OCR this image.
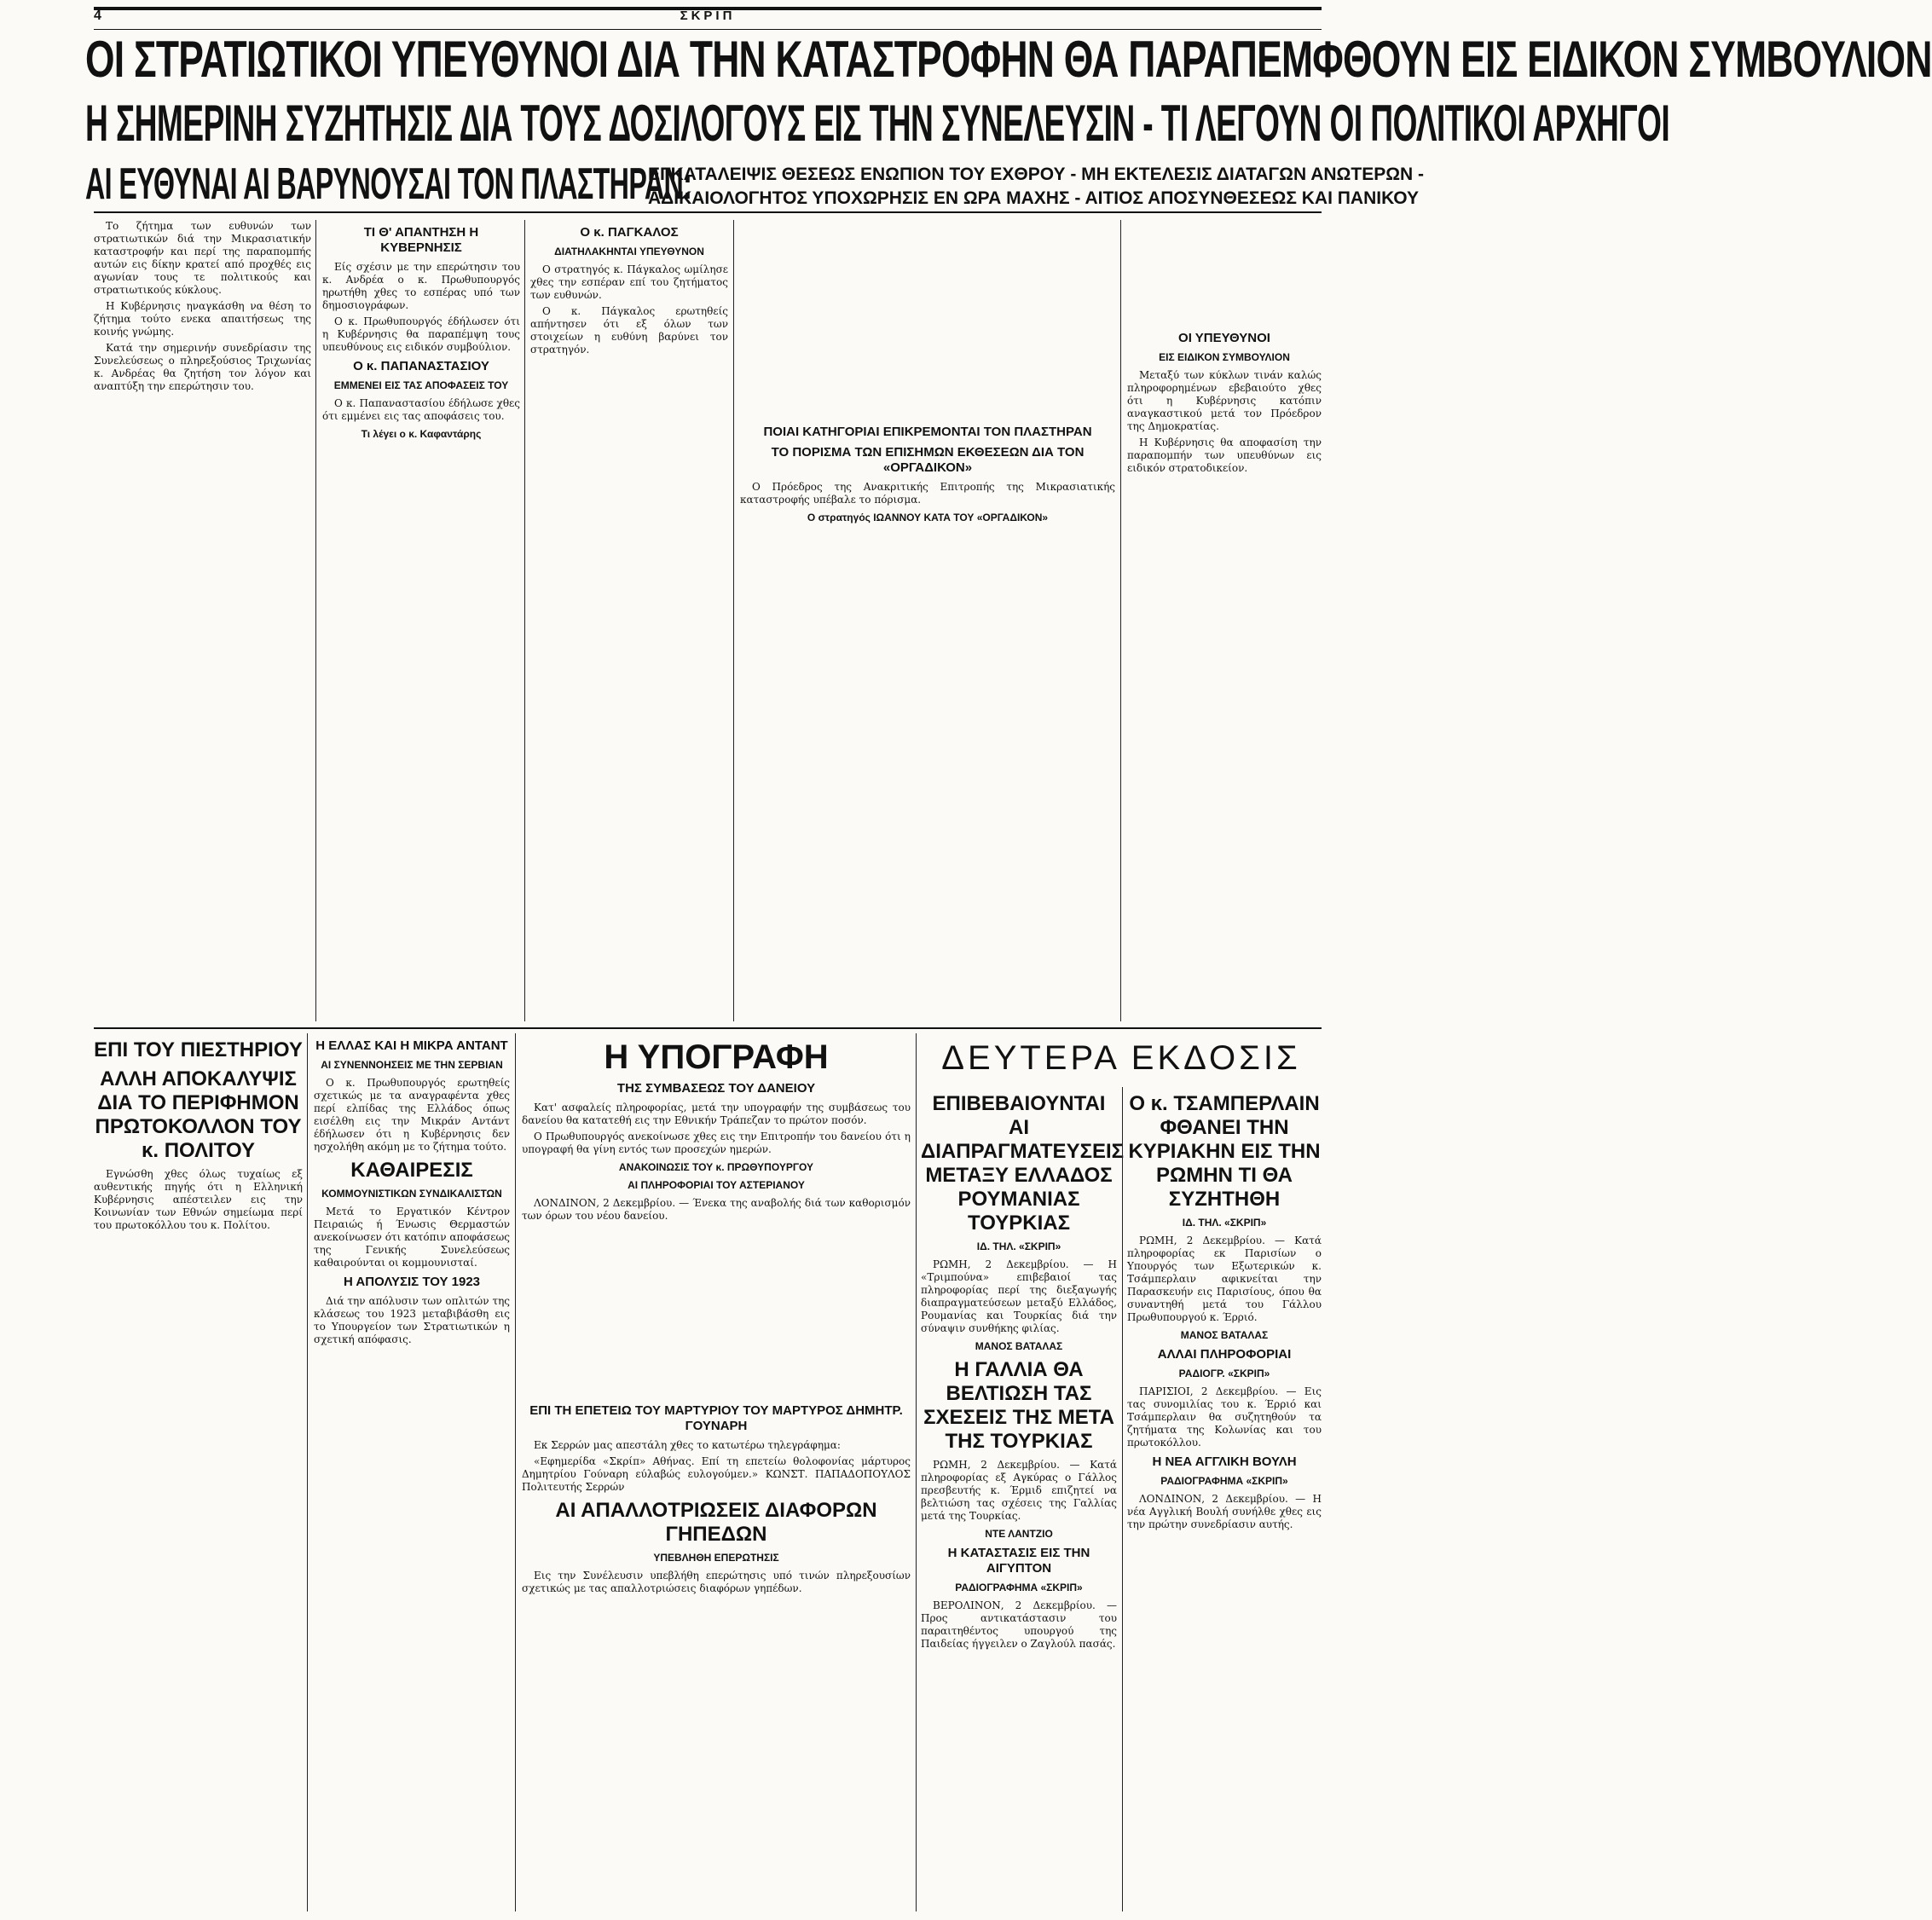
4	ΣΚΡΙΠ
ΟΙ ΣΤΡΑΤΙΩΤΙΚΟΙ ΥΠΕΥΘΥΝΟΙ ΔΙΑ ΤΗΝ ΚΑΤΑΣΤΡΟΦΗΝ ΘΑ ΠΑΡΑΠΕΜΦΘΟΥΝ ΕΙΣ ΕΙΔΙΚΟΝ ΣΥΜΒΟΥΛΙΟΝ
Η ΣΗΜΕΡΙΝΗ ΣΥΖΗΤΗΣΙΣ ΔΙΑ ΤΟΥΣ ΔΟΣΙΛΟΓΟΥΣ ΕΙΣ ΤΗΝ ΣΥΝΕΛΕΥΣΙΝ - ΤΙ ΛΕΓΟΥΝ ΟΙ ΠΟΛΙΤΙΚΟΙ ΑΡΧΗΓΟΙ
ΑΙ ΕΥΘΥΝΑΙ ΑΙ ΒΑΡΥΝΟΥΣΑΙ ΤΟΝ ΠΛΑΣΤΗΡΑΝ:
ΕΓΚΑΤΑΛΕΙΨΙΣ ΘΕΣΕΩΣ ΕΝΩΠΙΟΝ ΤΟΥ ΕΧΘΡΟΥ - ΜΗ ΕΚΤΕΛΕΣΙΣ ΔΙΑΤΑΓΩΝ ΑΝΩΤΕΡΩΝ -
ΑΔΙΚΑΙΟΛΟΓΗΤΟΣ ΥΠΟΧΩΡΗΣΙΣ ΕΝ ΩΡΑ ΜΑΧΗΣ - ΑΙΤΙΟΣ ΑΠΟΣΥΝΘΕΣΕΩΣ ΚΑΙ ΠΑΝΙΚΟΥ

Το ζήτημα των ευθυνών των στρατιωτικών διά την Μικρασιατικήν καταστροφήν και περί της παραπομπής αυτών εις δίκην κρατεί από προχθές εις αγωνίαν τους τε πολιτικούς και στρατιωτικούς κύκλους.

Η Κυβέρνησις ηναγκάσθη να θέση το ζήτημα τούτο ενεκα απαιτήσεως της κοινής γνώμης.

Κατά την σημερινήν συνεδρίασιν της Συνελεύσεως ο πληρεξούσιος Τριχωνίας κ. Ανδρέας θα ζητήση τον λόγον και αναπτύξη την επερώτησιν του.

ΤΙ Θ' ΑΠΑΝΤΗΣΗ Η ΚΥΒΕΡΝΗΣΙΣ

Είς σχέσιν με την επερώτησιν του κ. Ανδρέα ο κ. Πρωθυπουργός ηρωτήθη χθες το εσπέρας υπό των δημοσιογράφων.

Ο κ. Πρωθυπουργός έδήλωσεν ότι η Κυβέρνησις θα παραπέμψη τους υπευθύνους εις ειδικόν συμβούλιον.

Ο κ. ΠΑΠΑΝΑΣΤΑΣΙΟΥ
ΕΜΜΕΝΕΙ ΕΙΣ ΤΑΣ ΑΠΟΦΑΣΕΙΣ ΤΟΥ

Ο κ. Παπαναστασίου έδήλωσε χθες ότι εμμένει εις τας αποφάσεις του.

Τι λέγει ο κ. Καφαντάρης
Ο κ. ΠΑΓΚΑΛΟΣ
ΔΙΑΤΗΛΑΚΗΝΤΑΙ ΥΠΕΥΘΥΝΟΝ

Ο στρατηγός κ. Πάγκαλος ωμίλησε χθες την εσπέραν επί του ζητήματος των ευθυνών.

Ο κ. Πάγκαλος ερωτηθείς απήντησεν ότι εξ όλων των στοιχείων η ευθύνη βαρύνει τον στρατηγόν.

ΠΟΙΑΙ ΚΑΤΗΓΟΡΙΑΙ ΕΠΙΚΡΕΜΟΝΤΑΙ ΤΟΝ ΠΛΑΣΤΗΡΑΝ
ΤΟ ΠΟΡΙΣΜΑ ΤΩΝ ΕΠΙΣΗΜΩΝ ΕΚΘΕΣΕΩΝ ΔΙΑ ΤΟΝ «ΟΡΓΑΔΙΚΟΝ»

Ο Πρόεδρος της Ανακριτικής Επιτροπής της Μικρασιατικής καταστροφής υπέβαλε το πόρισμα.

Ο στρατηγός ΙΩΑΝΝΟΥ ΚΑΤΑ ΤΟΥ «ΟΡΓΑΔΙΚΟΝ»
ΟΙ ΥΠΕΥΘΥΝΟΙ
ΕΙΣ ΕΙΔΙΚΟΝ ΣΥΜΒΟΥΛΙΟΝ

Μεταξύ των κύκλων τινάν καλώς πληροφορημένων εβεβαιούτο χθες ότι η Κυβέρνησις κατόπιν αναγκαστικού μετά τον Πρόεδρον της Δημοκρατίας.

Η Κυβέρνησις θα αποφασίση την παραπομπήν των υπευθύνων εις ειδικόν στρατοδικείον.

ΕΠΙ ΤΟΥ ΠΙΕΣΤΗΡΙΟΥ
ΑΛΛΗ ΑΠΟΚΑΛΥΨΙΣ ΔΙΑ ΤΟ ΠΕΡΙΦΗΜΟΝ ΠΡΩΤΟΚΟΛΛΟΝ ΤΟΥ κ. ΠΟΛΙΤΟΥ

Εγνώσθη χθες όλως τυχαίως εξ αυθεντικής πηγής ότι η Ελληνική Κυβέρνησις απέστειλεν εις την Κοινωνίαν των Εθνών σημείωμα περί του πρωτοκόλλου του κ. Πολίτου.

Η ΕΛΛΑΣ ΚΑΙ Η ΜΙΚΡΑ ΑΝΤΑΝΤ
ΑΙ ΣΥΝΕΝΝΟΗΣΕΙΣ ΜΕ ΤΗΝ ΣΕΡΒΙΑΝ

Ο κ. Πρωθυπουργός ερωτηθείς σχετικώς με τα αναγραφέντα χθες περί ελπίδας της Ελλάδος όπως εισέλθη εις την Μικράν Αντάντ έδήλωσεν ότι η Κυβέρνησις δεν ησχολήθη ακόμη με το ζήτημα τούτο.

ΚΑΘΑΙΡΕΣΙΣ
ΚΟΜΜΟΥΝΙΣΤΙΚΩΝ ΣΥΝΔΙΚΑΛΙΣΤΩΝ

Μετά το Εργατικόν Κέντρον Πειραιώς ή Ένωσις Θερμαστών ανεκοίνωσεν ότι κατόπιν αποφάσεως της Γενικής Συνελεύσεως καθαιρούνται οι κομμουνισταί.

Η ΑΠΟΛΥΣΙΣ ΤΟΥ 1923

Διά την απόλυσιν των οπλιτών της κλάσεως του 1923 μεταβιβάσθη εις το Υπουργείον των Στρατιωτικών η σχετική απόφασις.

Η ΥΠΟΓΡΑΦΗ
ΤΗΣ ΣΥΜΒΑΣΕΩΣ ΤΟΥ ΔΑΝΕΙΟΥ

Κατ' ασφαλείς πληροφορίας, μετά την υπογραφήν της συμβάσεως του δανείου θα κατατεθή εις την Εθνικήν Τράπεζαν το πρώτον ποσόν.

Ο Πρωθυπουργός ανεκοίνωσε χθες εις την Επιτροπήν του δανείου ότι η υπογραφή θα γίνη εντός των προσεχών ημερών.

ΑΝΑΚΟΙΝΩΣΙΣ ΤΟΥ κ. ΠΡΩΘΥΠΟΥΡΓΟΥ
ΑΙ ΠΛΗΡΟΦΟΡΙΑΙ ΤΟΥ ΑΣΤΕΡΙΑΝΟΥ

ΛΟΝΔΙΝΟΝ, 2 Δεκεμβρίου. — Ένεκα της αναβολής διά των καθορισμόν των όρων του νέου δανείου.

ΔΕΥΤΕΡΑ ΕΚΔΟΣΙΣ
ΕΠΙΒΕΒΑΙΟΥΝΤΑΙ ΑΙ ΔΙΑΠΡΑΓΜΑΤΕΥΣΕΙΣ ΜΕΤΑΞΥ ΕΛΛΑΔΟΣ ΡΟΥΜΑΝΙΑΣ ΤΟΥΡΚΙΑΣ
ΙΔ. ΤΗΛ. «ΣΚΡΙΠ»

ΡΩΜΗ, 2 Δεκεμβρίου. — Η «Τριμπούνα» επιβεβαιοί τας πληροφορίας περί της διεξαγωγής διαπραγματεύσεων μεταξύ Ελλάδος, Ρουμανίας και Τουρκίας διά την σύναψιν συνθήκης φιλίας.

ΜΑΝΟΣ ΒΑΤΑΛΑΣ
Η ΓΑΛΛΙΑ ΘΑ ΒΕΛΤΙΩΣΗ ΤΑΣ ΣΧΕΣΕΙΣ ΤΗΣ ΜΕΤΑ ΤΗΣ ΤΟΥΡΚΙΑΣ

ΡΩΜΗ, 2 Δεκεμβρίου. — Κατά πληροφορίας εξ Αγκύρας ο Γάλλος πρεσβευτής κ. Έρμιδ επιζητεί να βελτιώση τας σχέσεις της Γαλλίας μετά της Τουρκίας.

ΝΤΕ ΛΑΝΤΖΙΟ
Η ΚΑΤΑΣΤΑΣΙΣ ΕΙΣ ΤΗΝ ΑΙΓΥΠΤΟΝ
ΡΑΔΙΟΓΡΑΦΗΜΑ «ΣΚΡΙΠ»

ΒΕΡΟΛΙΝΟΝ, 2 Δεκεμβρίου. — Προς αντικατάστασιν του παραιτηθέντος υπουργού της Παιδείας ήγγειλεν ο Ζαγλούλ πασάς.

Ο κ. ΤΣΑΜΠΕΡΛΑΙΝ ΦΘΑΝΕΙ ΤΗΝ ΚΥΡΙΑΚΗΝ ΕΙΣ ΤΗΝ ΡΩΜΗΝ ΤΙ ΘΑ ΣΥΖΗΤΗΘΗ
ΙΔ. ΤΗΛ. «ΣΚΡΙΠ»

ΡΩΜΗ, 2 Δεκεμβρίου. — Κατά πληροφορίας εκ Παρισίων ο Υπουργός των Εξωτερικών κ. Τσάμπερλαιν αφικνείται την Παρασκευήν εις Παρισίους, όπου θα συναντηθή μετά του Γάλλου Πρωθυπουργού κ. Έρριό.

ΜΑΝΟΣ ΒΑΤΑΛΑΣ
ΑΛΛΑΙ ΠΛΗΡΟΦΟΡΙΑΙ
ΡΑΔΙΟΓΡ. «ΣΚΡΙΠ»

ΠΑΡΙΣΙΟΙ, 2 Δεκεμβρίου. — Εις τας συνομιλίας του κ. Έρριό και Τσάμπερλαιν θα συζητηθούν τα ζητήματα της Κολωνίας και του πρωτοκόλλου.

Η ΝΕΑ ΑΓΓΛΙΚΗ ΒΟΥΛΗ
ΡΑΔΙΟΓΡΑΦΗΜΑ «ΣΚΡΙΠ»

ΛΟΝΔΙΝΟΝ, 2 Δεκεμβρίου. — Η νέα Αγγλική Βουλή συνήλθε χθες εις την πρώτην συνεδρίασιν αυτής.

ΕΠΙ ΤΗ ΕΠΕΤΕΙΩ ΤΟΥ ΜΑΡΤΥΡΙΟΥ ΤΟΥ ΜΑΡΤΥΡΟΣ ΔΗΜΗΤΡ. ΓΟΥΝΑΡΗ

Εκ Σερρών μας απεστάλη χθες το κατωτέρω τηλεγράφημα:

«Εφημερίδα «Σκρίπ» Αθήνας. Επί τη επετείω θολοφονίας μάρτυρος Δημητρίου Γούναρη εύλαβώς ευλογούμεν.» ΚΩΝΣΤ. ΠΑΠΑΔΟΠΟΥΛΟΣ Πολιτευτής Σερρών

ΑΙ ΑΠΑΛΛΟΤΡΙΩΣΕΙΣ ΔΙΑΦΟΡΩΝ ΓΗΠΕΔΩΝ
ΥΠΕΒΛΗΘΗ ΕΠΕΡΩΤΗΣΙΣ

Εις την Συνέλευσιν υπεβλήθη επερώτησις υπό τινών πληρεξουσίων σχετικώς με τας απαλλοτριώσεις διαφόρων γηπέδων.
